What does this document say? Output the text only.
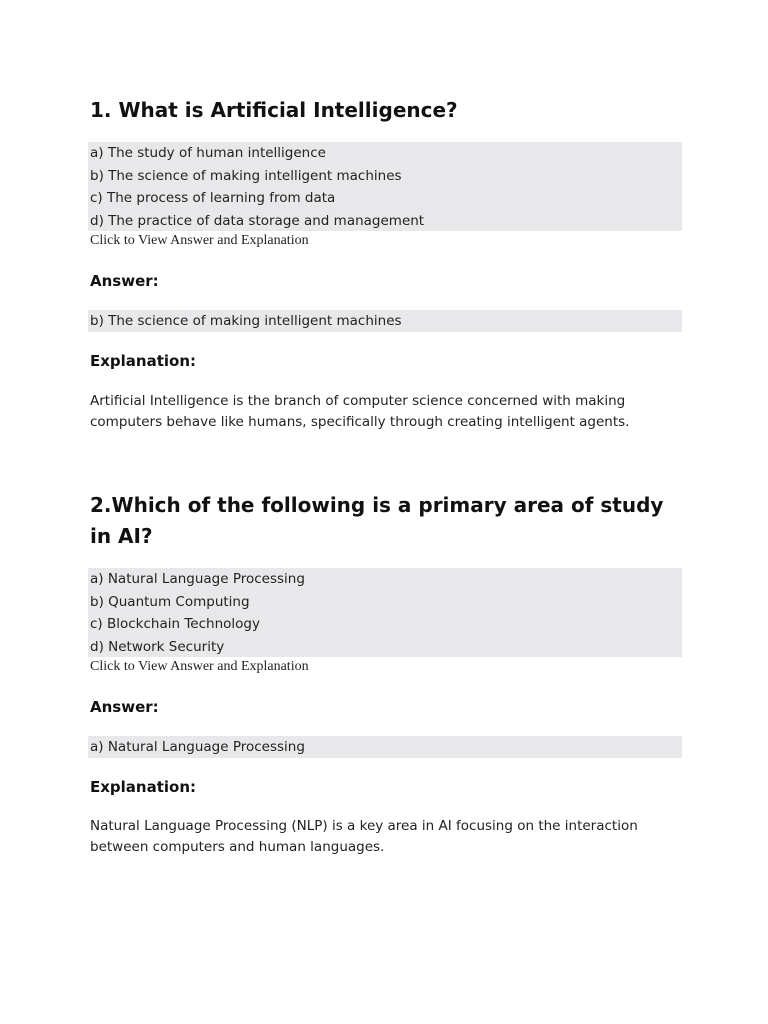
1. What is Artificial Intelligence?
a) The study of human intelligence
b) The science of making intelligent machines
c) The process of learning from data
d) The practice of data storage and management
Click to View Answer and Explanation
Answer:
b) The science of making intelligent machines
Explanation:

Artificial Intelligence is the branch of computer science concerned with making computers behave like humans, specifically through creating intelligent agents.

2.Which of the following is a primary area of study in AI?
a) Natural Language Processing
b) Quantum Computing
c) Blockchain Technology
d) Network Security
Click to View Answer and Explanation
Answer:
a) Natural Language Processing
Explanation:

Natural Language Processing (NLP) is a key area in AI focusing on the interaction between computers and human languages.
